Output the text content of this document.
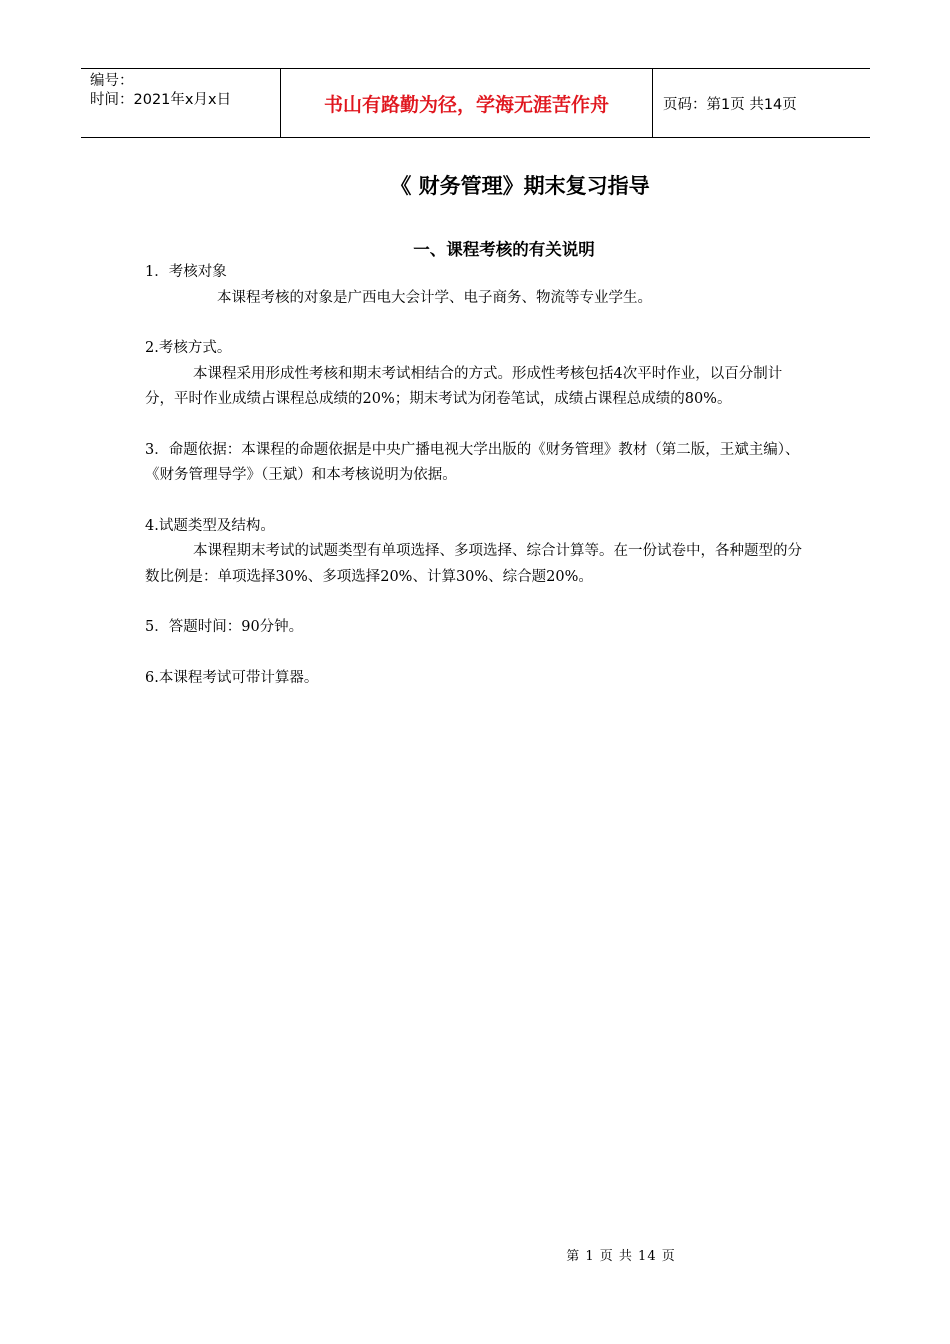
编号：
时间：2021年x月x日	书山有路勤为径，学海无涯苦作舟	页码：第1页 共14页
《 财务管理》期末复习指导
一、课程考核的有关说明

1．考核对象

本课程考核的对象是广西电大会计学、电子商务、物流等专业学生。

2.考核方式。

本课程采用形成性考核和期末考试相结合的方式。形成性考核包括4次平时作业，以百分制计分，平时作业成绩占课程总成绩的20%；期末考试为闭卷笔试，成绩占课程总成绩的80%。

3．命题依据：本课程的命题依据是中央广播电视大学出版的《财务管理》教材（第二版，王斌主编）、《财务管理导学》（王斌）和本考核说明为依据。

4.试题类型及结构。

本课程期末考试的试题类型有单项选择、多项选择、综合计算等。在一份试卷中，各种题型的分数比例是：单项选择30%、多项选择20%、计算30%、综合题20%。

5．答题时间：90分钟。

6.本课程考试可带计算器。

第 1 页 共 14 页
